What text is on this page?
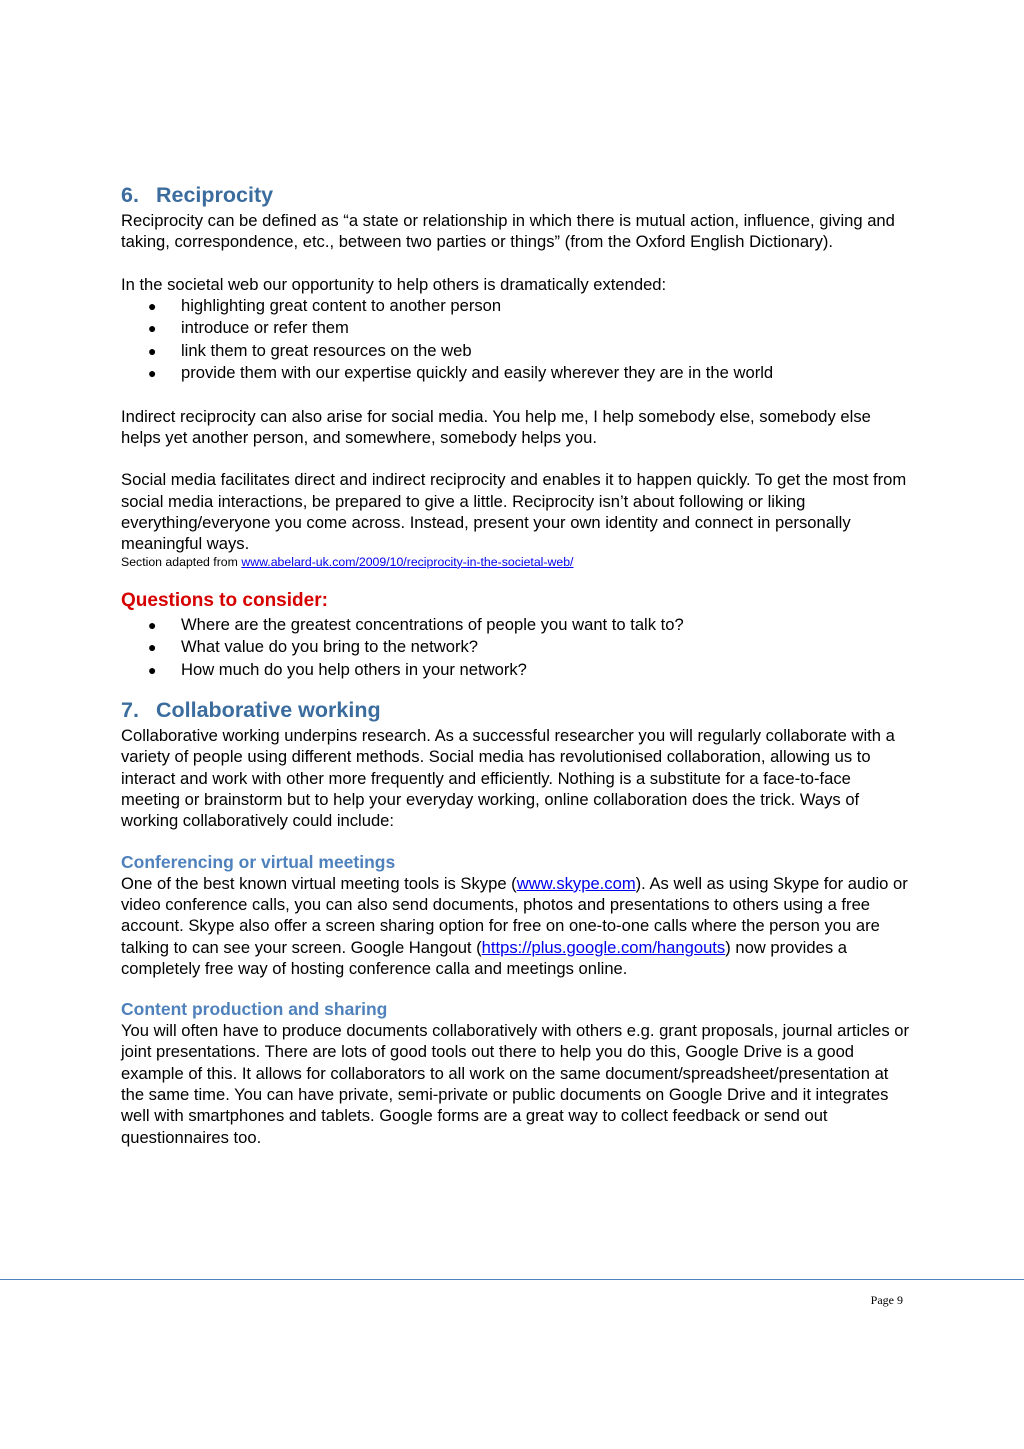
6. Reciprocity

Reciprocity can be defined as “a state or relationship in which there is mutual action, influence, giving and taking, correspondence, etc., between two parties or things” (from the Oxford English Dictionary).

In the societal web our opportunity to help others is dramatically extended:

● highlighting great content to another person
● introduce or refer them
● link them to great resources on the web
● provide them with our expertise quickly and easily wherever they are in the world

Indirect reciprocity can also arise for social media. You help me, I help somebody else, somebody else helps yet another person, and somewhere, somebody helps you.

Social media facilitates direct and indirect reciprocity and enables it to happen quickly. To get the most from social media interactions, be prepared to give a little. Reciprocity isn’t about following or liking everything/everyone you come across. Instead, present your own identity and connect in personally meaningful ways.

Section adapted from www.abelard-uk.com/2009/10/reciprocity-in-the-societal-web/

Questions to consider:
● Where are the greatest concentrations of people you want to talk to?
● What value do you bring to the network?
● How much do you help others in your network?
7. Collaborative working

Collaborative working underpins research. As a successful researcher you will regularly collaborate with a variety of people using different methods. Social media has revolutionised collaboration, allowing us to interact and work with other more frequently and efficiently. Nothing is a substitute for a face-to-face meeting or brainstorm but to help your everyday working, online collaboration does the trick. Ways of working collaboratively could include:

Conferencing or virtual meetings

One of the best known virtual meeting tools is Skype (www.skype.com). As well as using Skype for audio or video conference calls, you can also send documents, photos and presentations to others using a free account. Skype also offer a screen sharing option for free on one-to-one calls where the person you are talking to can see your screen. Google Hangout (https://plus.google.com/hangouts) now provides a completely free way of hosting conference calla and meetings online.

Content production and sharing

You will often have to produce documents collaboratively with others e.g. grant proposals, journal articles or joint presentations. There are lots of good tools out there to help you do this, Google Drive is a good example of this. It allows for collaborators to all work on the same document/spreadsheet/presentation at the same time. You can have private, semi-private or public documents on Google Drive and it integrates well with smartphones and tablets. Google forms are a great way to collect feedback or send out questionnaires too.

Page 9
